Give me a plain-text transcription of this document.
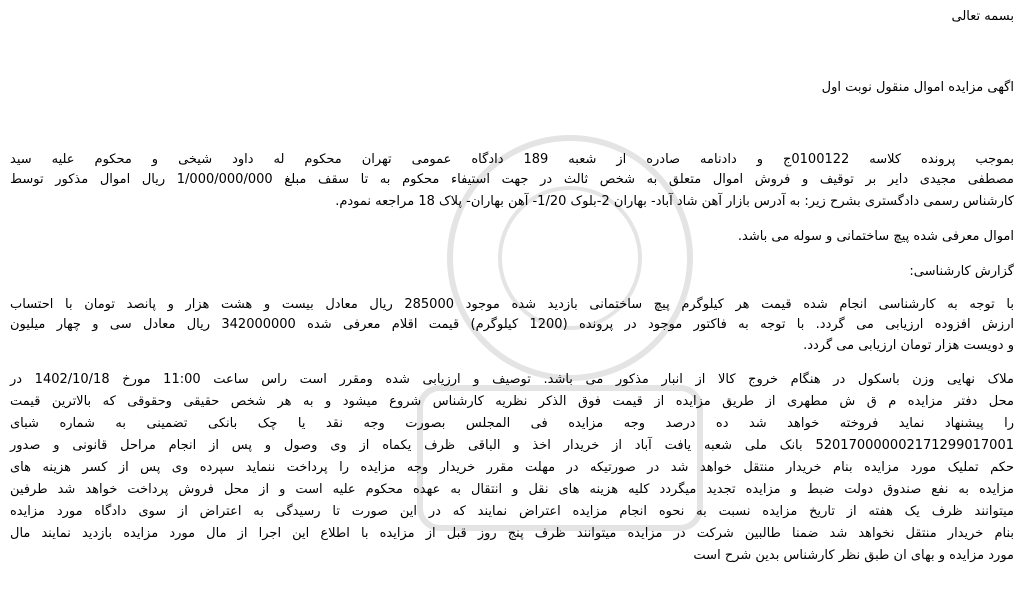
بسمه تعالی
اگهی مزایده اموال منقول نوبت اول
بموجب پرونده کلاسه 0100122ج و دادنامه صادره از شعبه 189 دادگاه عمومی تهران محکوم له داود شیخی و محکوم علیه سید
مصطفی مجیدی دایر بر توقیف و فروش اموال متعلق به شخص ثالث در جهت استیفاء محکوم به تا سقف مبلغ 1/000/000/000 ریال اموال مذکور توسط
کارشناس رسمی دادگستری بشرح زیر: به آدرس بازار آهن شاد آباد- بهاران 2-بلوک 1/20- آهن بهاران- پلاک 18 مراجعه نمودم.
اموال معرفی شده پیچ ساختمانی و سوله می باشد.
گزارش کارشناسی:
با توجه به کارشناسی انجام شده قیمت هر کیلوگرم پیچ ساختمانی بازدید شده موجود 285000 ریال معادل بیست و هشت هزار و پانصد تومان با احتساب
ارزش افزوده ارزیابی می گردد. با توجه به فاکتور موجود در پرونده (1200 کیلوگرم) قیمت اقلام معرفی شده 342000000 ریال معادل سی و چهار میلیون
و دویست هزار تومان ارزیابی می گردد.
ملاک نهایی وزن باسکول در هنگام خروج کالا از انبار مذکور می باشد. توصیف و ارزیابی شده ومقرر است راس ساعت 11:00 مورخ 1402/10/18 در
محل دفتر مزایده م ق ش مطهری از طریق مزایده از قیمت فوق الذکر نظریه کارشناس شروع میشود و به هر شخص حقیقی وحقوقی که بالاترین قیمت
را پیشنهاد نماید فروخته خواهد شد ده درصد وجه مزایده فی المجلس بصورت وجه نقد یا چک بانکی تضمینی به شماره شبای
520170000002171299017001 بانک ملی شعبه یافت آباد از خریدار اخذ و الباقی ظرف یکماه از وی وصول و پس از انجام مراحل قانونی و صدور
حکم تملیک مورد مزایده بنام خریدار منتقل خواهد شد در صورتیکه در مهلت مقرر خریدار وجه مزایده را پرداخت ننماید سپرده وی پس از کسر هزینه های
مزایده به نفع صندوق دولت ضبط و مزایده تجدید میگردد کلیه هزینه های نقل و انتقال به عهده محکوم علیه است و از محل فروش پرداخت خواهد شد طرفین
میتوانند ظرف یک هفته از تاریخ مزایده نسبت به نحوه انجام مزایده اعتراض نمایند که در این صورت تا رسیدگی به اعتراض از سوی دادگاه مورد مزایده
بنام خریدار منتقل نخواهد شد ضمنا طالبین شرکت در مزایده میتوانند ظرف پنج روز قبل از مزایده با اطلاع این اجرا از مال مورد مزایده بازدید نمایند مال
مورد مزایده و بهای ان طبق نظر کارشناس بدین شرح است
